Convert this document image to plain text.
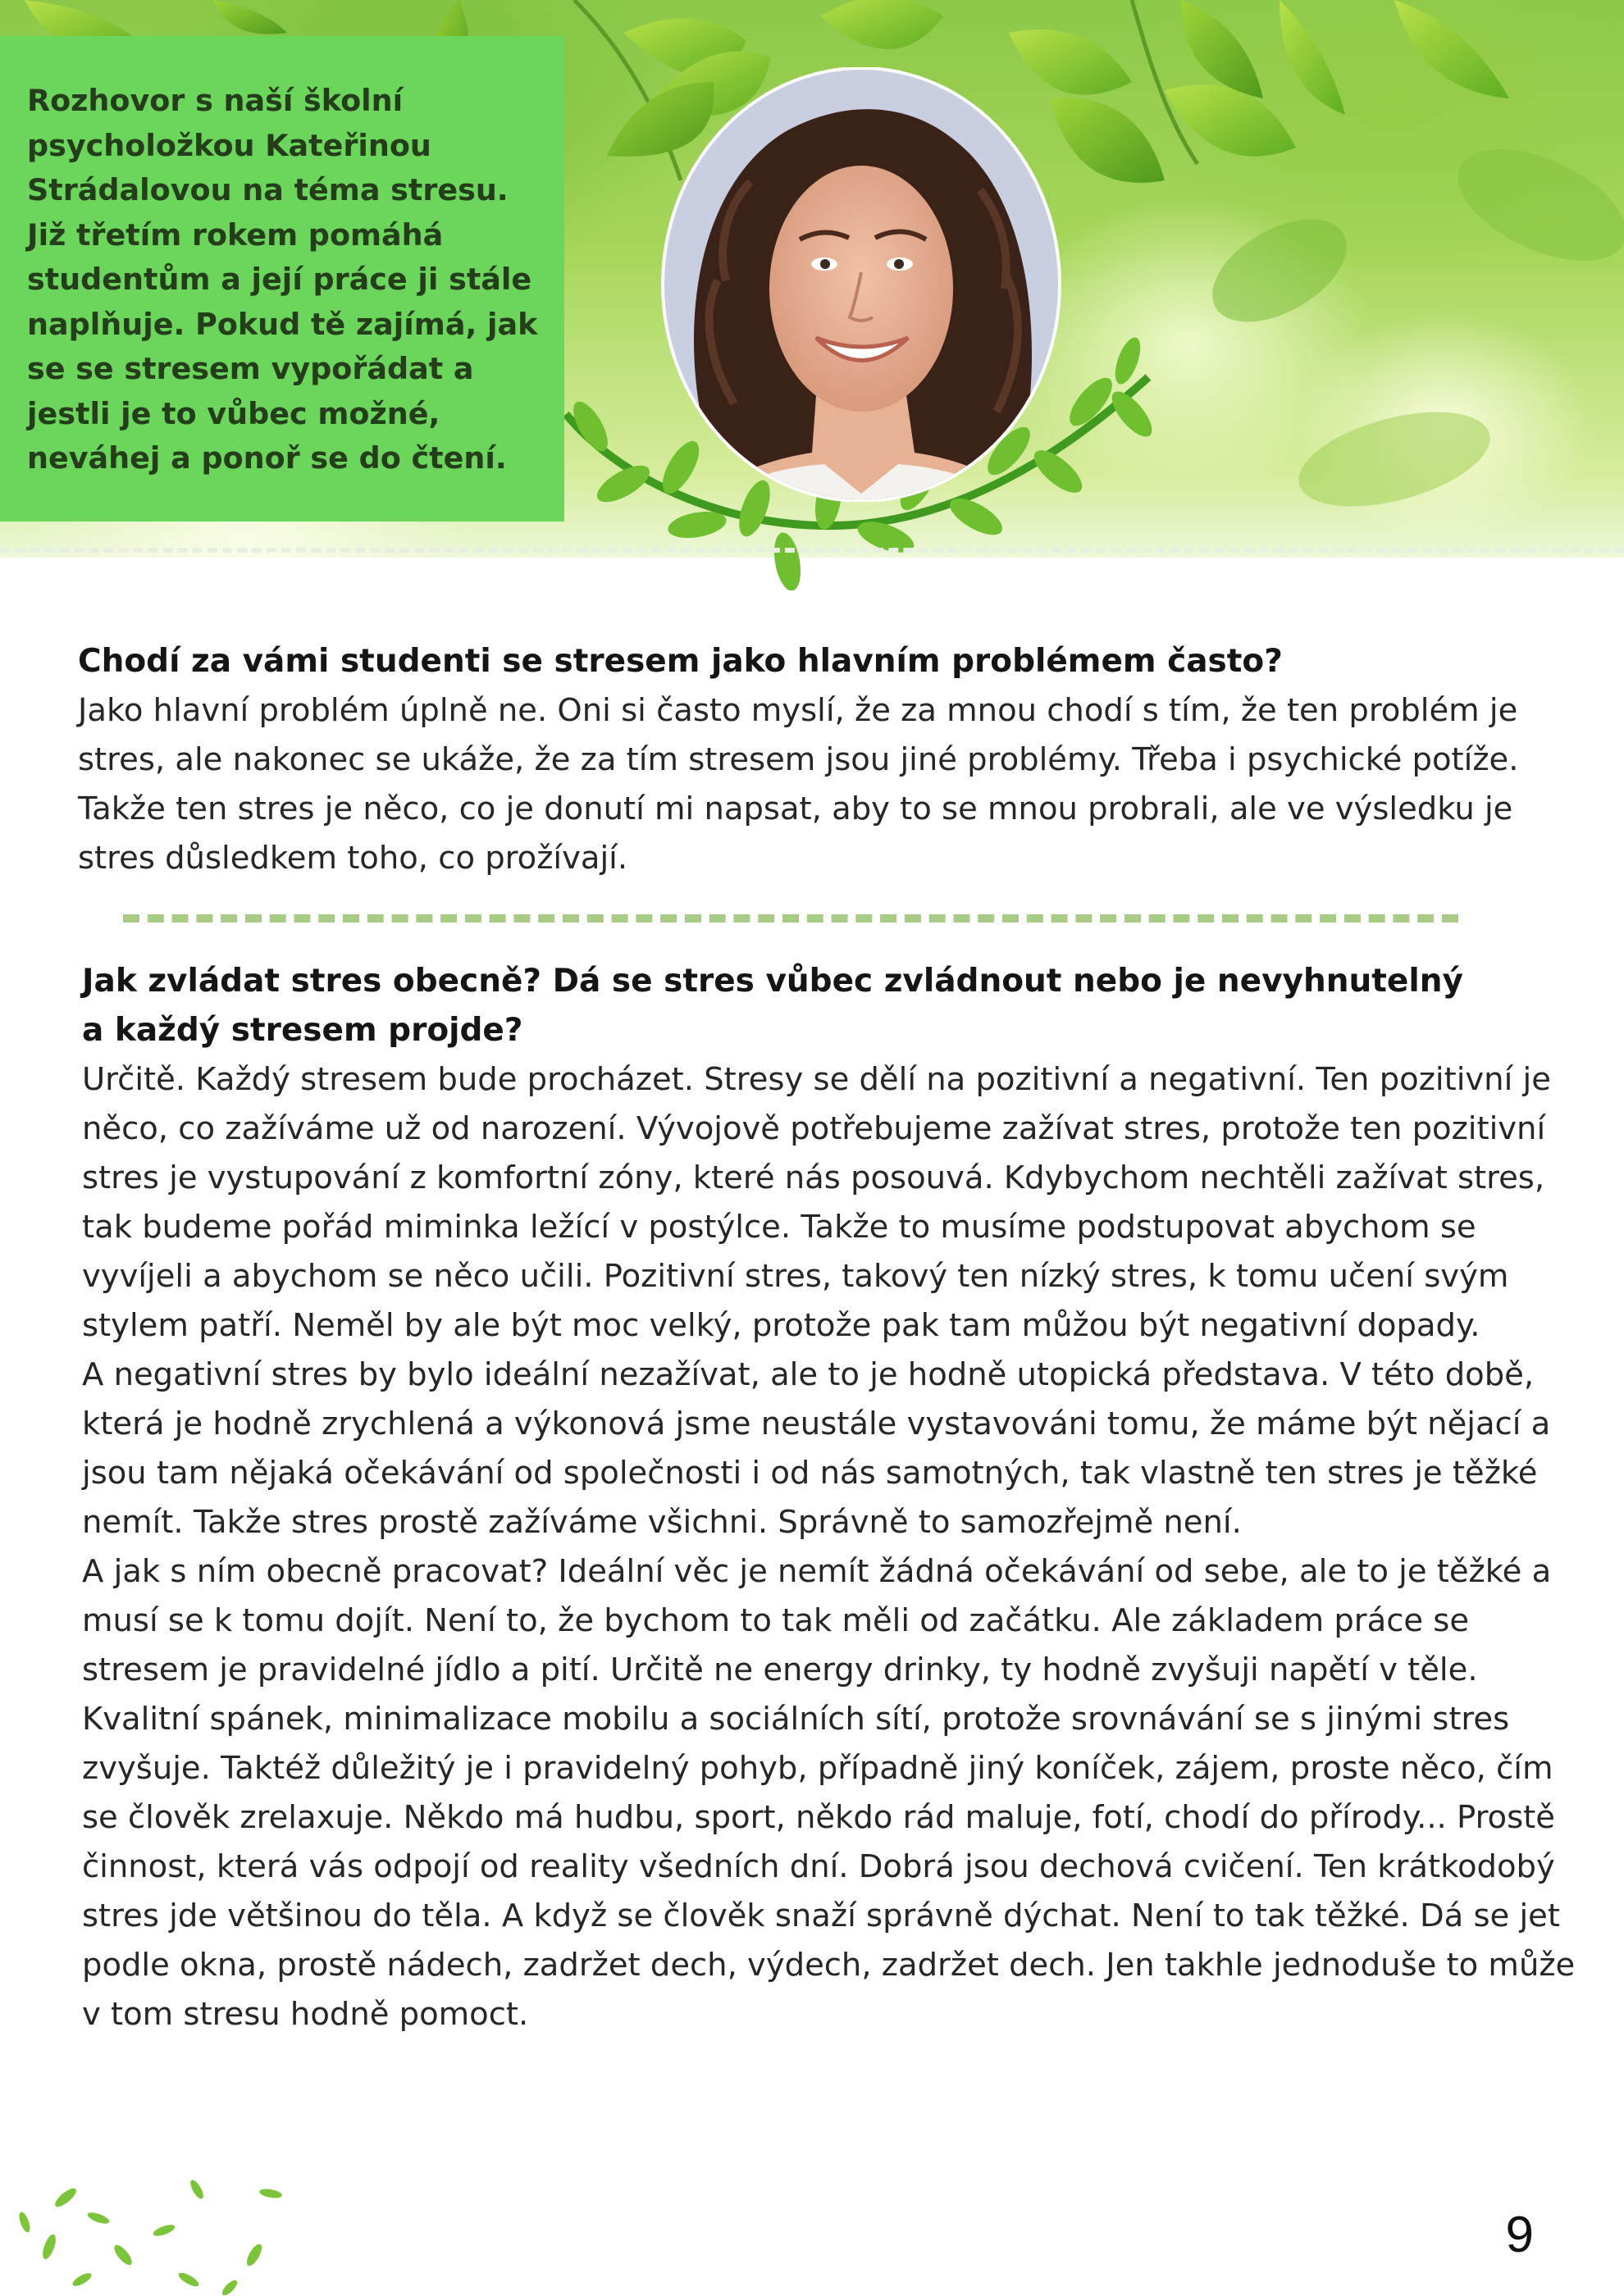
Rozhovor s naší školní psycholožkou Kateřinou Strádalovou na téma stresu. Již třetím rokem pomáhá studentům a její práce ji stále naplňuje. Pokud tě zajímá, jak se se stresem vypořádat a jestli je to vůbec možné, neváhej a ponoř se do čtení.

Chodí za vámi studenti se stresem jako hlavním problémem často?

Jako hlavní problém úplně ne. Oni si často myslí, že za mnou chodí s tím, že ten problém je stres, ale nakonec se ukáže, že za tím stresem jsou jiné problémy. Třeba i psychické potíže. Takže ten stres je něco, co je donutí mi napsat, aby to se mnou probrali, ale ve výsledku je stres důsledkem toho, co prožívají.

Jak zvládat stres obecně? Dá se stres vůbec zvládnout nebo je nevyhnutelný a každý stresem projde?

Určitě. Každý stresem bude procházet. Stresy se dělí na pozitivní a negativní. Ten pozitivní je něco, co zažíváme už od narození. Vývojově potřebujeme zažívat stres, protože ten pozitivní stres je vystupování z komfortní zóny, které nás posouvá. Kdybychom nechtěli zažívat stres, tak budeme pořád miminka ležící v postýlce. Takže to musíme podstupovat abychom se vyvíjeli a abychom se něco učili. Pozitivní stres, takový ten nízký stres, k tomu učení svým stylem patří. Neměl by ale být moc velký, protože pak tam můžou být negativní dopady.

A negativní stres by bylo ideální nezažívat, ale to je hodně utopická představa. V této době, která je hodně zrychlená a výkonová jsme neustále vystavováni tomu, že máme být nějací a jsou tam nějaká očekávání od společnosti i od nás samotných, tak vlastně ten stres je těžké nemít. Takže stres prostě zažíváme všichni. Správně to samozřejmě není.

A jak s ním obecně pracovat? Ideální věc je nemít žádná očekávání od sebe, ale to je těžké a musí se k tomu dojít. Není to, že bychom to tak měli od začátku. Ale základem práce se stresem je pravidelné jídlo a pití. Určitě ne energy drinky, ty hodně zvyšuji napětí v těle. Kvalitní spánek, minimalizace mobilu a sociálních sítí, protože srovnávání se s jinými stres zvyšuje. Taktéž důležitý je i pravidelný pohyb, případně jiný koníček, zájem, proste něco, čím se člověk zrelaxuje. Někdo má hudbu, sport, někdo rád maluje, fotí, chodí do přírody... Prostě činnost, která vás odpojí od reality všedních dní. Dobrá jsou dechová cvičení. Ten krátkodobý stres jde většinou do těla. A když se člověk snaží správně dýchat. Není to tak těžké. Dá se jet podle okna, prostě nádech, zadržet dech, výdech, zadržet dech. Jen takhle jednoduše to může v tom stresu hodně pomoct.

9
